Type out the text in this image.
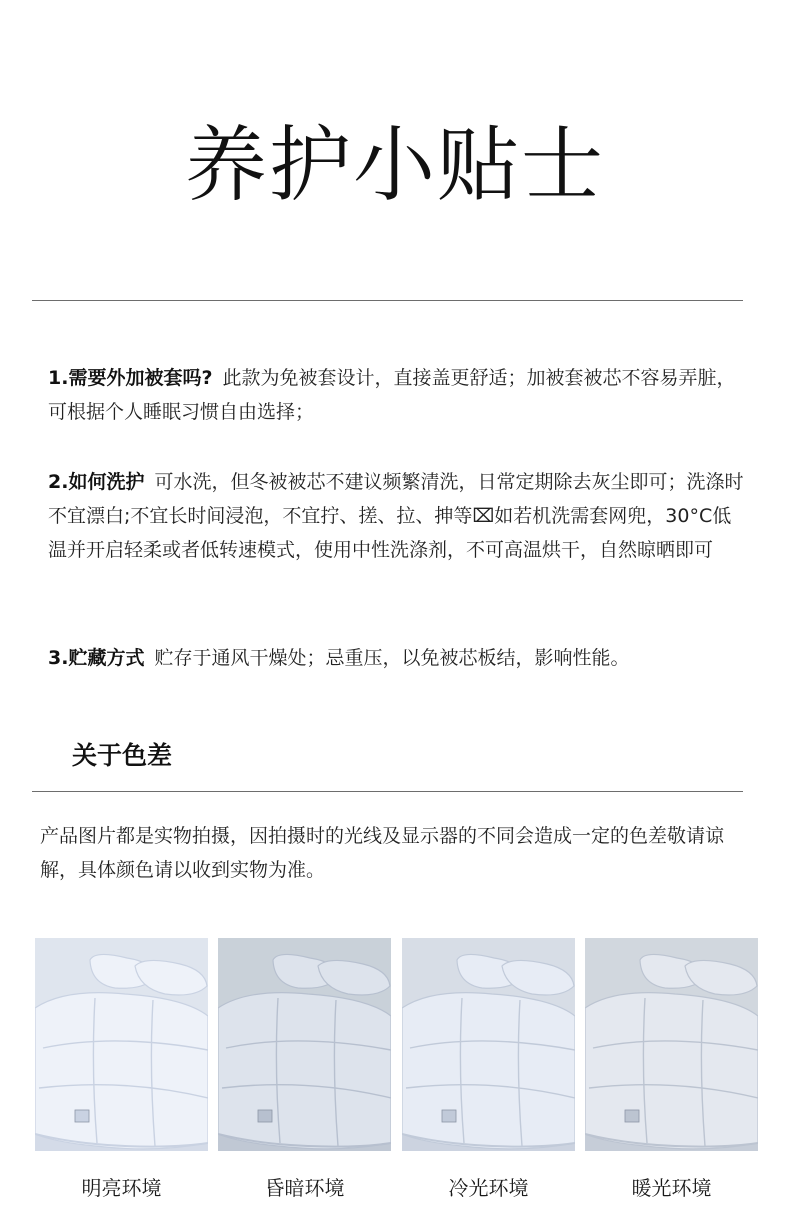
养护小贴士
1.需要外加被套吗? 此款为免被套设计，直接盖更舒适；加被套被芯不容易弄脏，可根据个人睡眠习惯自由选择；
2.如何洗护 可水洗，但冬被被芯不建议频繁清洗，日常定期除去灰尘即可；洗涤时不宜漂白;不宜长时间浸泡，不宜拧、搓、拉、抻等⌧如若机洗需套网兜，30°C低温并开启轻柔或者低转速模式，使用中性洗涤剂，不可高温烘干，自然晾晒即可
3.贮藏方式 贮存于通风干燥处；忌重压，以免被芯板结，影响性能。
关于色差
产品图片都是实物拍摄，因拍摄时的光线及显示器的不同会造成一定的色差敬请谅解，具体颜色请以收到实物为准。
明亮环境	昏暗环境	冷光环境	暖光环境
